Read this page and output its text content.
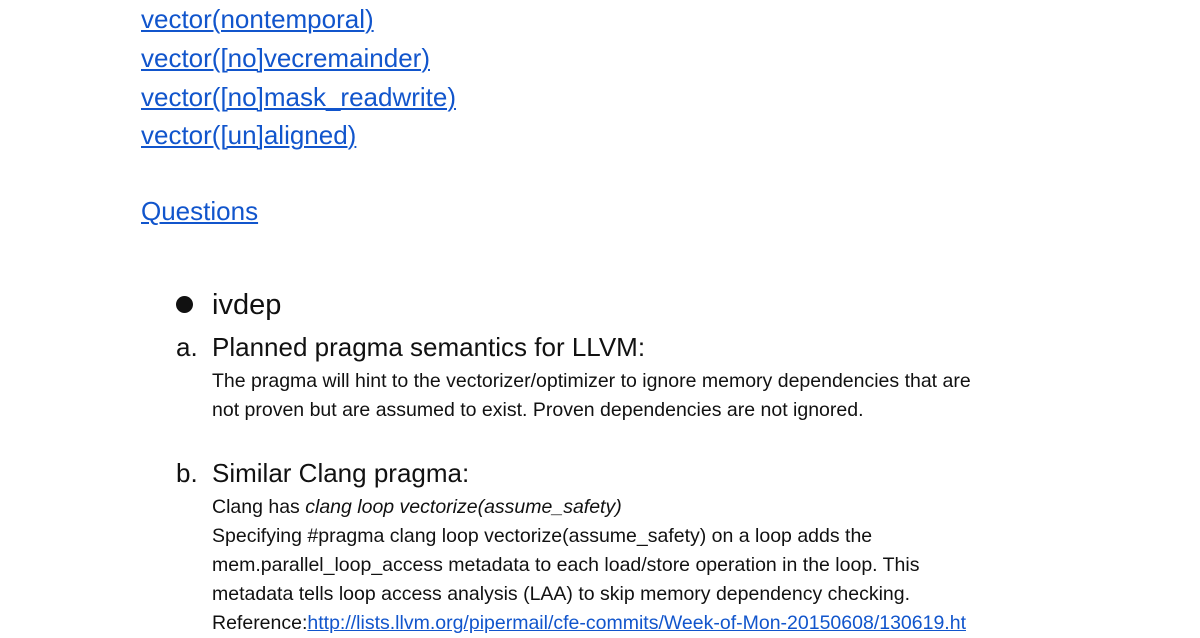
vector(nontemporal)
vector([no]vecremainder)
vector([no]mask_readwrite)
vector([un]aligned)
Questions
ivdep
a. Planned pragma semantics for LLVM:
The pragma will hint to the vectorizer/optimizer to ignore memory dependencies that are
not proven but are assumed to exist. Proven dependencies are not ignored.
b. Similar Clang pragma:
Clang has clang loop vectorize(assume_safety)
Specifying #pragma clang loop vectorize(assume_safety) on a loop adds the
mem.parallel_loop_access metadata to each load/store operation in the loop. This
metadata tells loop access analysis (LAA) to skip memory dependency checking.
Reference:http://lists.llvm.org/pipermail/cfe-commits/Week-of-Mon-20150608/130619.ht
